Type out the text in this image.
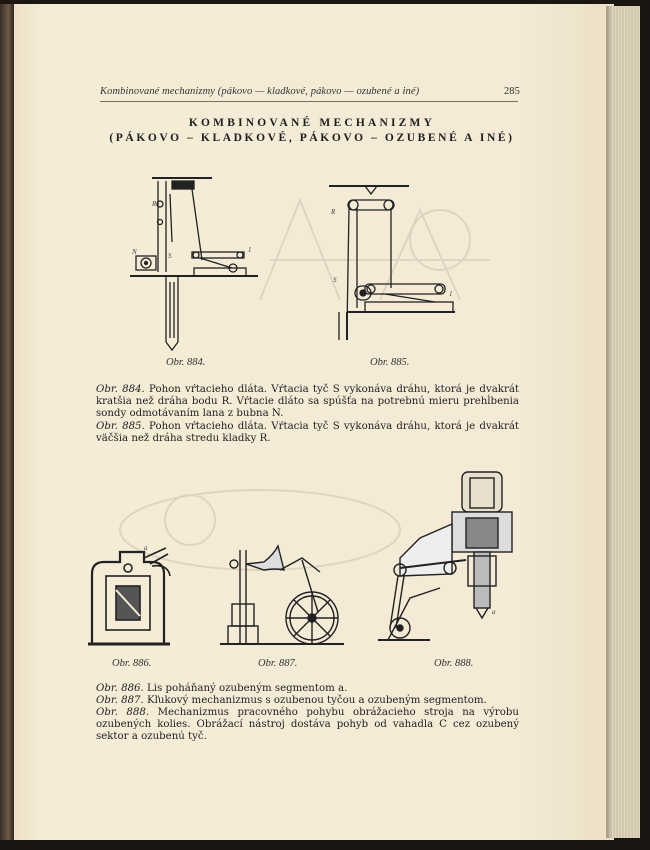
Kombinované mechanizmy (pákovo — kladkové, pákovo — ozubené a iné)	285
KOMBINOVANÉ MECHANIZMY
(PÁKOVO – KLADKOVÉ, PÁKOVO – OZUBENÉ A INÉ)
R
N	S
1
Obr. 884.
R
S
1
Obr. 885.
Obr. 884. Pohon vŕtacieho dláta. Vŕtacia tyč S vykonáva dráhu, ktorá je dvakrát kratšia než dráha bodu R. Vŕtacie dláto sa spúšťa na potrebnú mieru prehĺbenia sondy odmotávaním lana z bubna N.
Obr. 885. Pohon vŕtacieho dláta. Vŕtacia tyč S vykonáva dráhu, ktorá je dvakrát väčšia než dráha stredu kladky R.
a
Obr. 886.	Obr. 887.
a
Obr. 888.
Obr. 886. Lis poháňaný ozubeným segmentom a.
Obr. 887. Kľukový mechanizmus s ozubenou tyčou a ozubeným segmentom.
Obr. 888. Mechanizmus pracovného pohybu obrážacieho stroja na výrobu ozubených kolies. Obrážací nástroj dostáva pohyb od vahadla C cez ozubený sektor a ozubenú tyč.
